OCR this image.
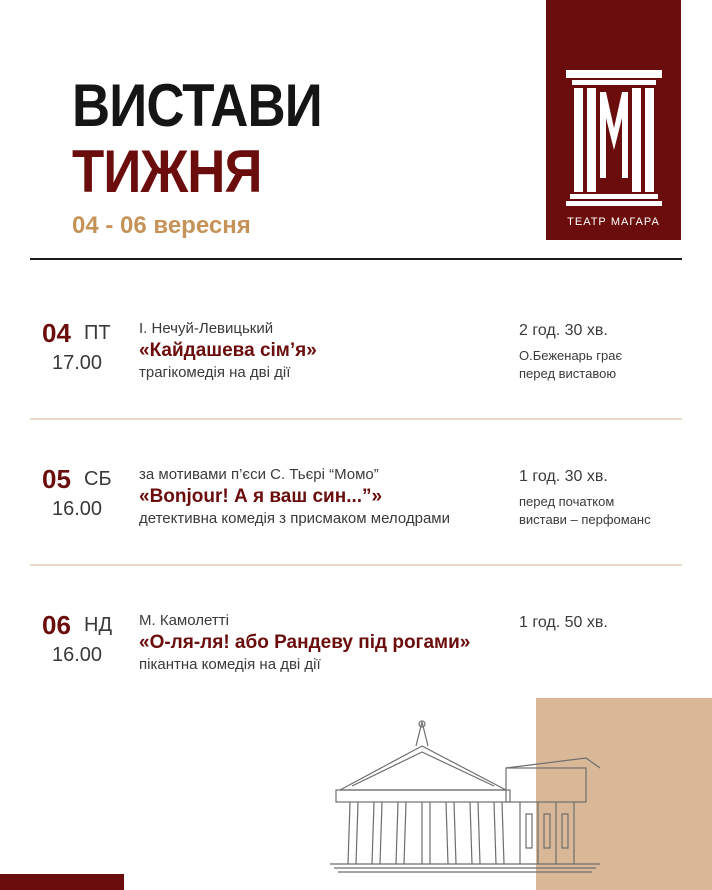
ВИСТАВИ
ТИЖНЯ
04 - 06 вересня	ТЕАТР МАГАРА
04 ПТ
17.00
І. Нечуй-Левицький
«Кайдашева сім’я»
трагікомедія на дві дії
2 год. 30 хв.
О.Беженарь грає
перед виставою
05 СБ
16.00
за мотивами п’єси С. Тьєрі “Момо”
«Bonjour! А я ваш син...”»
детективна комедія з присмаком мелодрами
1 год. 30 хв.
перед початком
вистави – перфоманс
06 НД
16.00
М. Камолетті
«О-ля-ля! або Рандеву під рогами»
пікантна комедія на дві дії
1 год. 50 хв.
